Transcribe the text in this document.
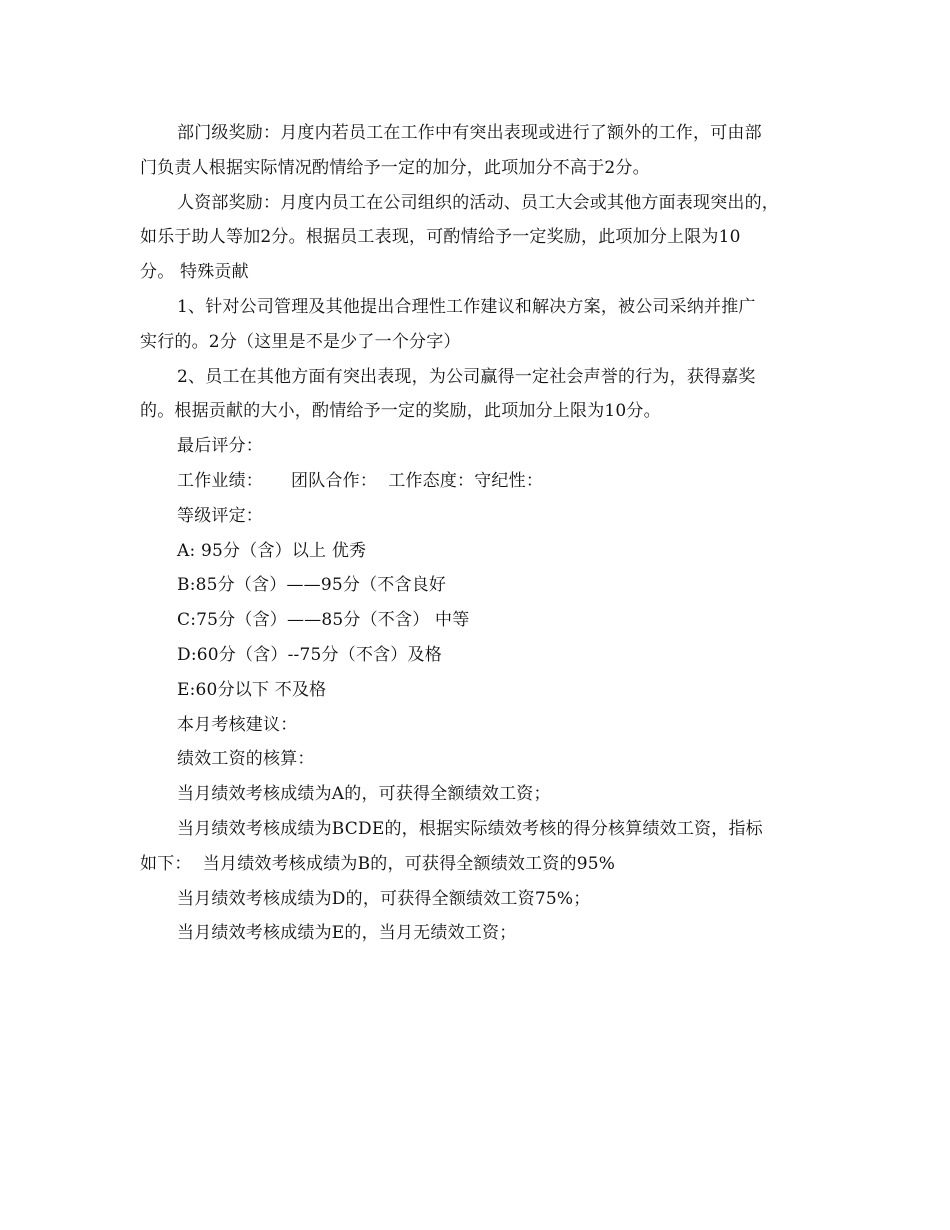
部门级奖励：月度内若员工在工作中有突出表现或进行了额外的工作，可由部
门负责人根据实际情况酌情给予一定的加分，此项加分不高于2分。

人资部奖励：月度内员工在公司组织的活动、员工大会或其他方面表现突出的，
如乐于助人等加2分。根据员工表现，可酌情给予一定奖励，此项加分上限为10
分。 特殊贡献

1、针对公司管理及其他提出合理性工作建议和解决方案，被公司采纳并推广
实行的。2分（这里是不是少了一个分字）

2、员工在其他方面有突出表现，为公司赢得一定社会声誉的行为，获得嘉奖
的。根据贡献的大小，酌情给予一定的奖励，此项加分上限为10分。

最后评分：

工作业绩：     团队合作：  工作态度：守纪性：

等级评定：

A: 95分（含）以上 优秀

B:85分（含）——95分（不含良好

C:75分（含）——85分（不含） 中等

D:60分（含）--75分（不含）及格

E:60分以下 不及格

本月考核建议：

绩效工资的核算：

当月绩效考核成绩为A的，可获得全额绩效工资；

当月绩效考核成绩为BCDE的，根据实际绩效考核的得分核算绩效工资，指标
如下：  当月绩效考核成绩为B的，可获得全额绩效工资的95%

当月绩效考核成绩为D的，可获得全额绩效工资75%；

当月绩效考核成绩为E的，当月无绩效工资；
